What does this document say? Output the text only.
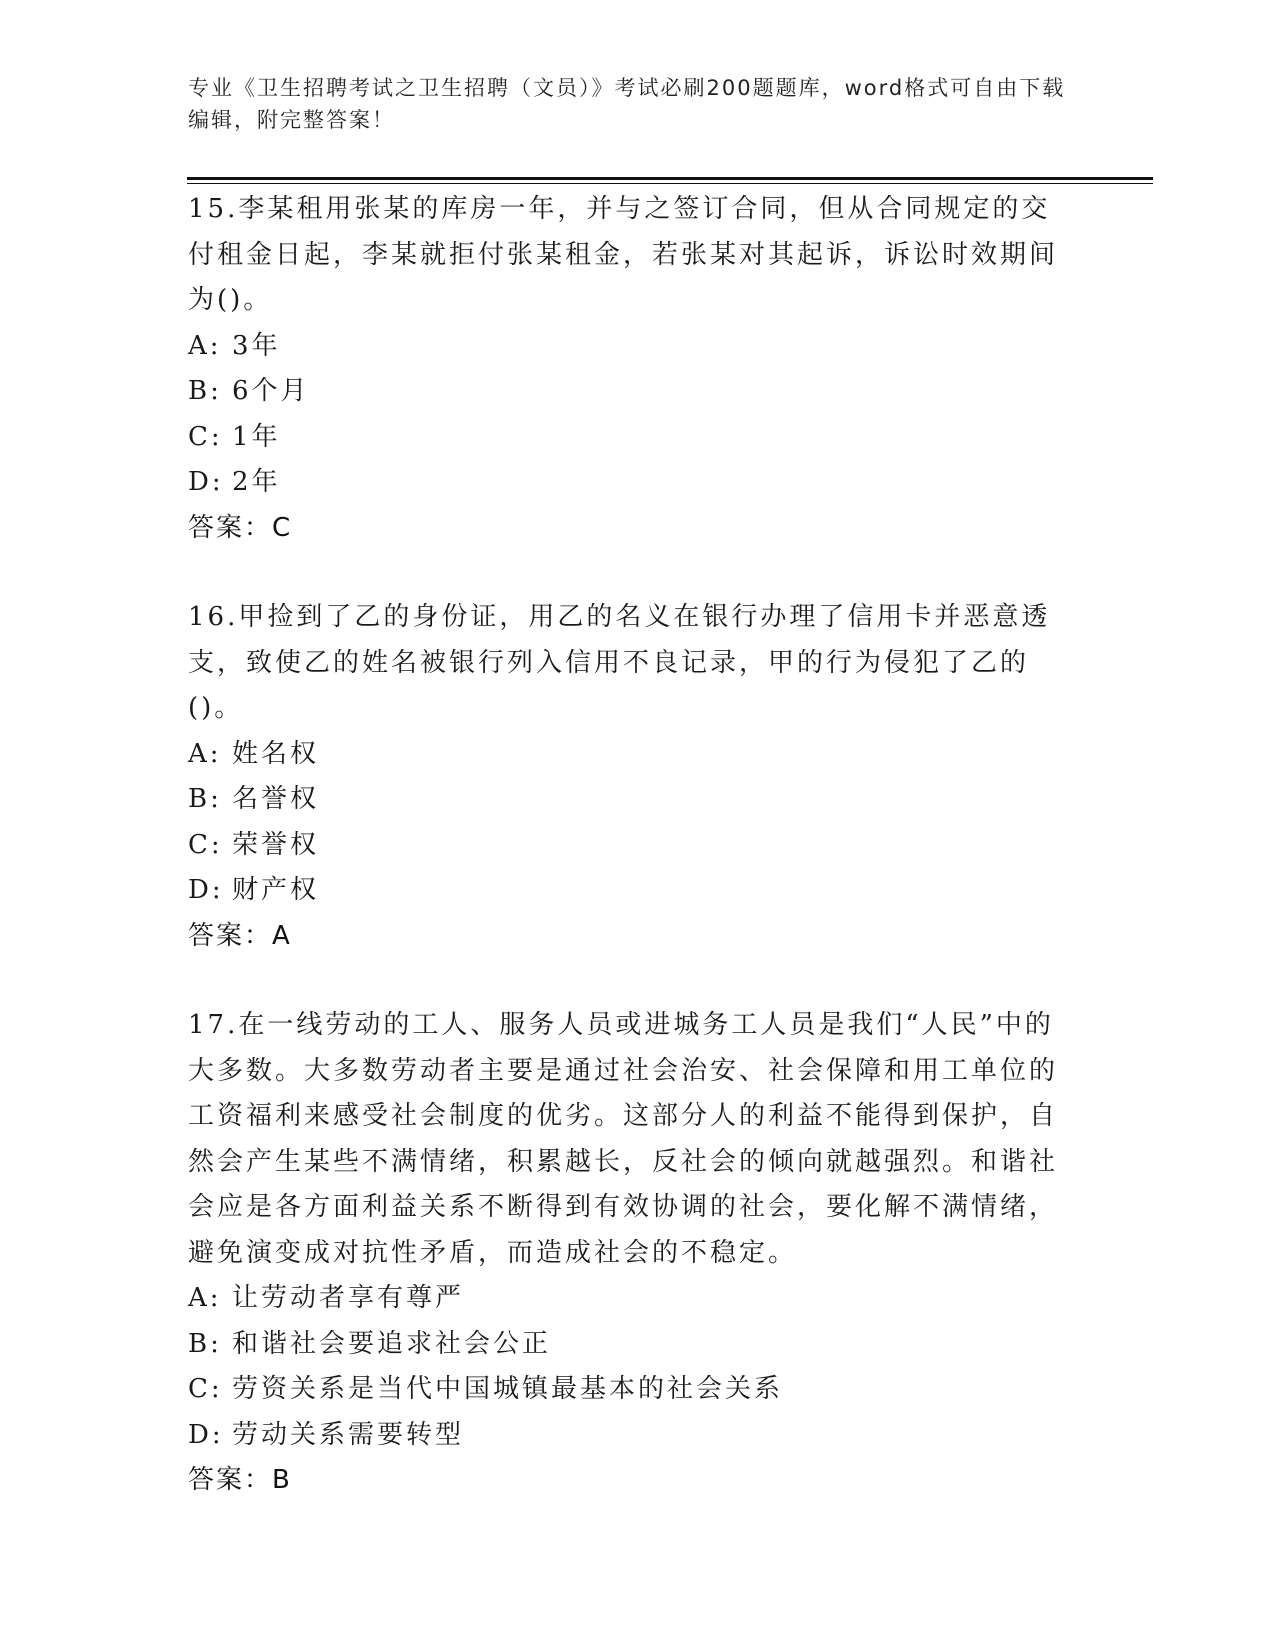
专业《卫生招聘考试之卫生招聘（文员）》考试必刷200题题库，word格式可自由下载编辑，附完整答案！

15.李某租用张某的库房一年，并与之签订合同，但从合同规定的交付租金日起，李某就拒付张某租金，若张某对其起诉，诉讼时效期间为()。

A: 3年
B: 6个月
C: 1年
D: 2年
答案：C

16.甲捡到了乙的身份证，用乙的名义在银行办理了信用卡并恶意透支，致使乙的姓名被银行列入信用不良记录，甲的行为侵犯了乙的()。

A: 姓名权
B: 名誉权
C: 荣誉权
D: 财产权
答案：A

17.在一线劳动的工人、服务人员或进城务工人员是我们“人民”中的大多数。大多数劳动者主要是通过社会治安、社会保障和用工单位的工资福利来感受社会制度的优劣。这部分人的利益不能得到保护，自然会产生某些不满情绪，积累越长，反社会的倾向就越强烈。和谐社会应是各方面利益关系不断得到有效协调的社会，要化解不满情绪，避免演变成对抗性矛盾，而造成社会的不稳定。

A: 让劳动者享有尊严
B: 和谐社会要追求社会公正
C: 劳资关系是当代中国城镇最基本的社会关系
D: 劳动关系需要转型
答案：B
